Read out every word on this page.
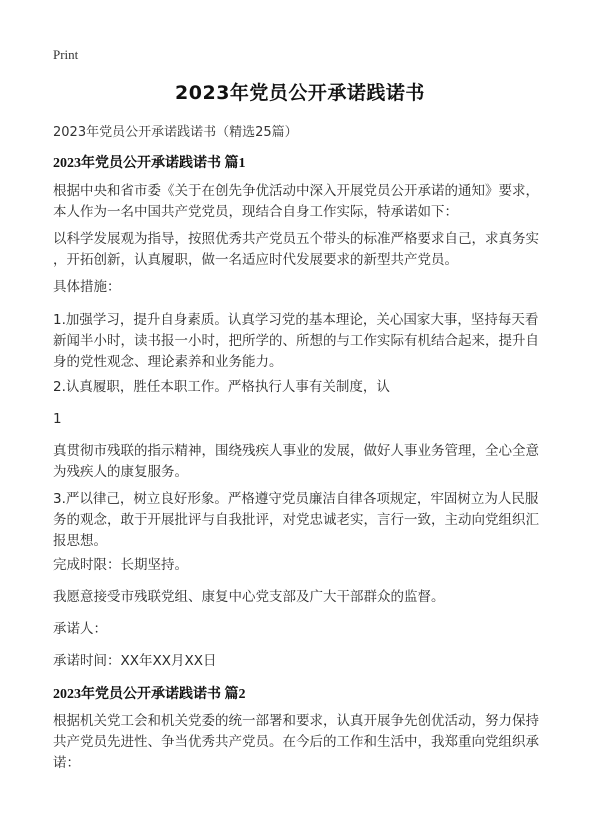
Print
2023年党员公开承诺践诺书
2023年党员公开承诺践诺书（精选25篇）
2023年党员公开承诺践诺书 篇1
根据中央和省市委《关于在创先争优活动中深入开展党员公开承诺的通知》要求，
本人作为一名中国共产党党员，现结合自身工作实际，特承诺如下：
以科学发展观为指导，按照优秀共产党员五个带头的标准严格要求自己，求真务实
，开拓创新，认真履职，做一名适应时代发展要求的新型共产党员。
具体措施：
1.加强学习，提升自身素质。认真学习党的基本理论，关心国家大事，坚持每天看
新闻半小时，读书报一小时，把所学的、所想的与工作实际有机结合起来，提升自
身的党性观念、理论素养和业务能力。
2.认真履职，胜任本职工作。严格执行人事有关制度，认
1
真贯彻市残联的指示精神，围绕残疾人事业的发展，做好人事业务管理，全心全意
为残疾人的康复服务。
3.严以律己，树立良好形象。严格遵守党员廉洁自律各项规定，牢固树立为人民服
务的观念，敢于开展批评与自我批评，对党忠诚老实，言行一致，主动向党组织汇
报思想。
完成时限：长期坚持。
我愿意接受市残联党组、康复中心党支部及广大干部群众的监督。
承诺人：
承诺时间：XX年XX月XX日
2023年党员公开承诺践诺书 篇2
根据机关党工会和机关党委的统一部署和要求，认真开展争先创优活动，努力保持
共产党员先进性、争当优秀共产党员。在今后的工作和生活中，我郑重向党组织承
诺：
